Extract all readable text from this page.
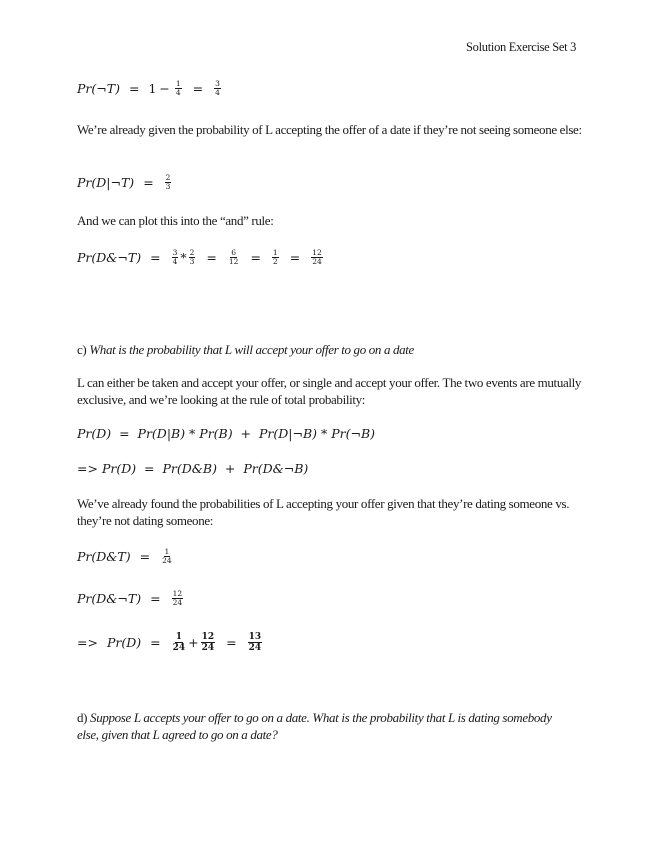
Solution Exercise Set 3
Pr(¬T) = $1 - \frac{1}{4} = \frac{3}{4}$
We’re already given the probability of L accepting the offer of a date if they’re not seeing someone else:
Pr(D|¬T) = $\frac{2}{3}$
And we can plot this into the “and” rule:
Pr(D&¬T) = $\frac{3}{4} * \frac{2}{3} = \frac{6}{12} = \frac{1}{2} = \frac{12}{24}$
c) What is the probability that L will accept your offer to go on a date
L can either be taken and accept your offer, or single and accept your offer. The two events are mutually exclusive, and we’re looking at the rule of total probability:
Pr(D)  =  Pr(D|B) * Pr(B)  +  Pr(D|¬B) * Pr(¬B)
=> Pr(D)  =  Pr(D&B)  +  Pr(D&¬B)
We’ve already found the probabilities of L accepting your offer given that they’re dating someone vs. they’re not dating someone:
Pr(D&T) = $\frac{1}{24}$
Pr(D&¬T) = $\frac{12}{24}$
=> $Pr(D) = \frac{1}{24} + \frac{12}{24} = \frac{13}{24}$
d) Suppose L accepts your offer to go on a date. What is the probability that L is dating somebody else, given that L agreed to go on a date?
